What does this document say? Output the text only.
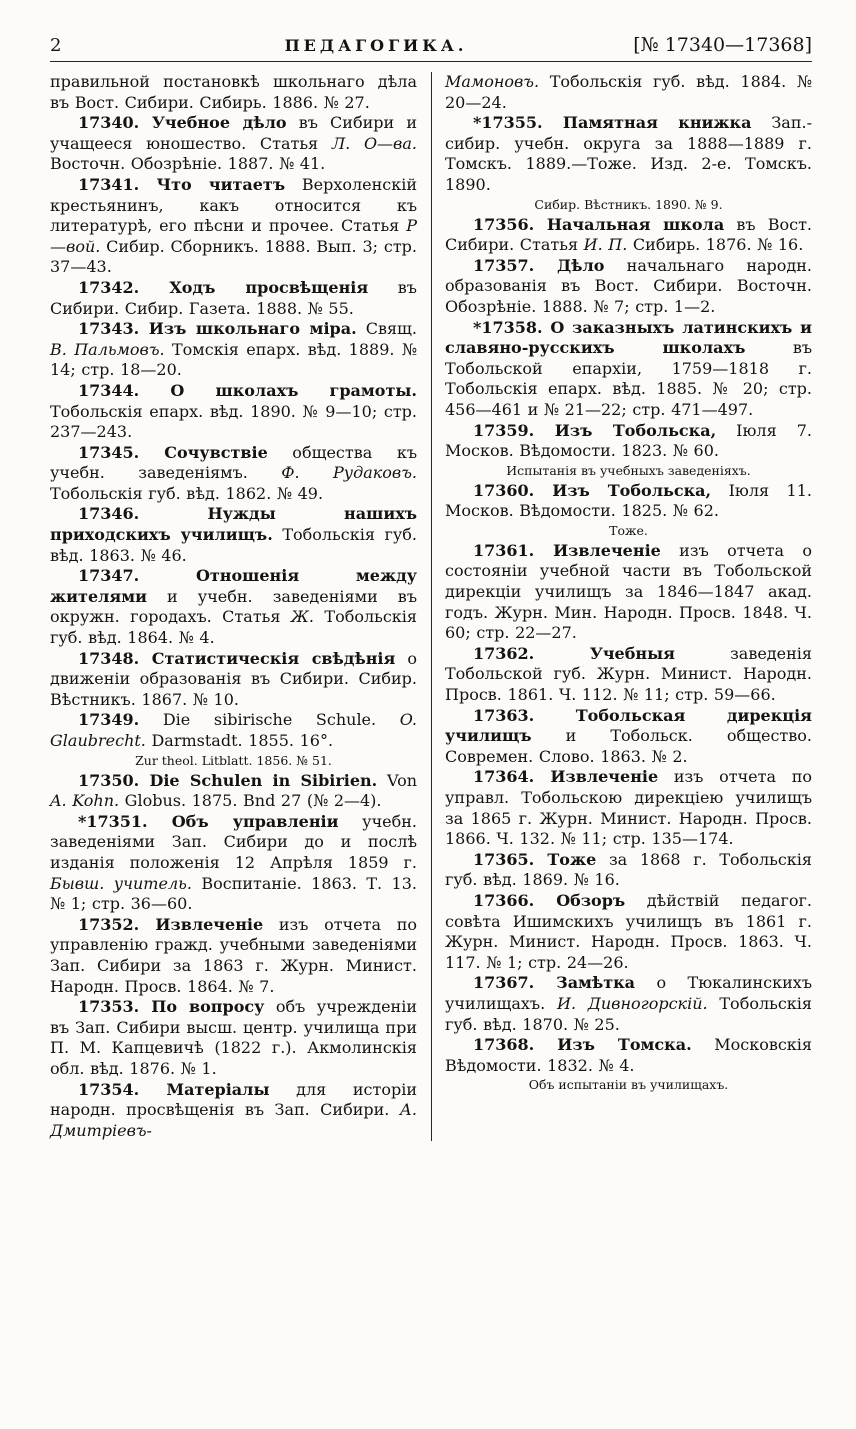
2	ПЕДАГОГИКА.	[№ 17340—17368]

правильной постановкѣ школьнаго дѣла въ Вост. Сибири. Сибирь. 1886. № 27.

17340. Учебное дѣло въ Сибири и учащееся юношество. Статья Л. О—ва. Восточн. Обозрѣніе. 1887. № 41.

17341. Что читаетъ Верхоленскій крестьянинъ, какъ относится къ литературѣ, его пѣсни и прочее. Статья Р—вой. Сибир. Сборникъ. 1888. Вып. 3; стр. 37—43.

17342. Ходъ просвѣщенія въ Сибири. Сибир. Газета. 1888. № 55.

17343. Изъ школьнаго міра. Свящ. В. Пальмовъ. Томскія епарх. вѣд. 1889. № 14; стр. 18—20.

17344. О школахъ грамоты. Тобольскія епарх. вѣд. 1890. № 9—10; стр. 237—243.

17345. Сочувствіе общества къ учебн. заведеніямъ. Ф. Рудаковъ. Тобольскія губ. вѣд. 1862. № 49.

17346. Нужды нашихъ приходскихъ училищъ. Тобольскія губ. вѣд. 1863. № 46.

17347. Отношенія между жителями и учебн. заведеніями въ окружн. городахъ. Статья Ж. Тобольскія губ. вѣд. 1864. № 4.

17348. Статистическія свѣдѣнія о движеніи образованія въ Сибири. Сибир. Вѣстникъ. 1867. № 10.

17349. Die sibirische Schule. O. Glaubrecht. Darmstadt. 1855. 16°.

Zur theol. Litblatt. 1856. № 51.

17350. Die Schulen in Sibirien. Von A. Kohn. Globus. 1875. Bnd 27 (№ 2—4).

*17351. Объ управленіи учебн. заведеніями Зап. Сибири до и послѣ изданія положенія 12 Апрѣля 1859 г. Бывш. учитель. Воспитаніе. 1863. Т. 13. № 1; стр. 36—60.

17352. Извлеченіе изъ отчета по управленію гражд. учебными заведеніями Зап. Сибири за 1863 г. Журн. Минист. Народн. Просв. 1864. № 7.

17353. По вопросу объ учрежденіи въ Зап. Сибири высш. центр. училища при П. М. Капцевичѣ (1822 г.). Акмолинскія обл. вѣд. 1876. № 1.

17354. Матеріалы для исторіи народн. просвѣщенія въ Зап. Сибири. А. Дмитріевъ-

Мамоновъ. Тобольскія губ. вѣд. 1884. № 20—24.

*17355. Памятная книжка Зап.-сибир. учебн. округа за 1888—1889 г. Томскъ. 1889.—Тоже. Изд. 2-е. Томскъ. 1890.

Сибир. Вѣстникъ. 1890. № 9.

17356. Начальная школа въ Вост. Сибири. Статья И. П. Сибирь. 1876. № 16.

17357. Дѣло начальнаго народн. образованія въ Вост. Сибири. Восточн. Обозрѣніе. 1888. № 7; стр. 1—2.

*17358. О заказныхъ латинскихъ и славяно-русскихъ школахъ въ Тобольской епархіи, 1759—1818 г. Тобольскія епарх. вѣд. 1885. № 20; стр. 456—461 и № 21—22; стр. 471—497.

17359. Изъ Тобольска, Іюля 7. Москов. Вѣдомости. 1823. № 60.

Испытанія въ учебныхъ заведеніяхъ.

17360. Изъ Тобольска, Іюля 11. Москов. Вѣдомости. 1825. № 62.

Тоже.

17361. Извлеченіе изъ отчета о состояніи учебной части въ Тобольской дирекціи училищъ за 1846—1847 акад. годъ. Журн. Мин. Народн. Просв. 1848. Ч. 60; стр. 22—27.

17362. Учебныя заведенія Тобольской губ. Журн. Минист. Народн. Просв. 1861. Ч. 112. № 11; стр. 59—66.

17363. Тобольская дирекція училищъ и Тобольск. общество. Современ. Слово. 1863. № 2.

17364. Извлеченіе изъ отчета по управл. Тобольскою дирекціею училищъ за 1865 г. Журн. Минист. Народн. Просв. 1866. Ч. 132. № 11; стр. 135—174.

17365. Тоже за 1868 г. Тобольскія губ. вѣд. 1869. № 16.

17366. Обзоръ дѣйствій педагог. совѣта Ишимскихъ училищъ въ 1861 г. Журн. Минист. Народн. Просв. 1863. Ч. 117. № 1; стр. 24—26.

17367. Замѣтка о Тюкалинскихъ училищахъ. И. Дивногорскій. Тобольскія губ. вѣд. 1870. № 25.

17368. Изъ Томска. Московскія Вѣдомости. 1832. № 4.

Объ испытаніи въ училищахъ.
